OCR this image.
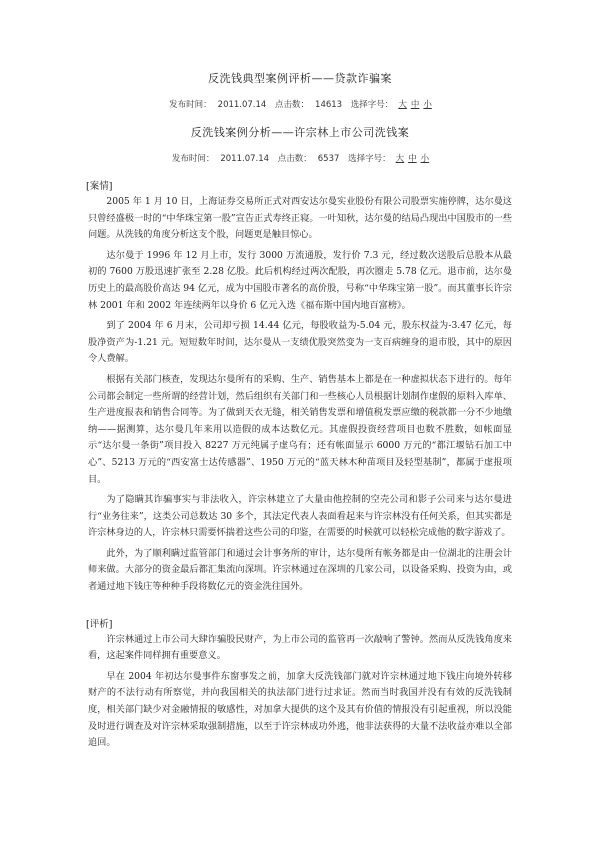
反洗钱典型案例评析——贷款诈骗案
发布时间： 2011.07.14 点击数： 14613 选择字号： 大 中 小
反洗钱案例分析——许宗林上市公司洗钱案
发布时间： 2011.07.14 点击数： 6537 选择字号： 大 中 小
[案情]

2005 年 1 月 10 日，上海证券交易所正式对西安达尔曼实业股份有限公司股票实施停牌，达尔曼这只曾经盛极一时的“中华珠宝第一股”宣告正式寿终正寝。一叶知秋，达尔曼的结局凸现出中国股市的一些问题。从洗钱的角度分析这支个股，问题更是触目惊心。

达尔曼于 1996 年 12 月上市，发行 3000 万流通股，发行价 7.3 元，经过数次送股后总股本从最初的 7600 万股迅速扩张至 2.28 亿股。此后机构经过两次配股，再次圈走 5.78 亿元。退市前，达尔曼历史上的最高股价高达 94 亿元，成为中国股市著名的高价股，号称“中华珠宝第一股”。而其董事长许宗林 2001 年和 2002 年连续两年以身价 6 亿元入选《福布斯中国内地百富榜》。

到了 2004 年 6 月末，公司却亏损 14.44 亿元，每股收益为-5.04 元，股东权益为-3.47 亿元，每股净资产为-1.21 元。短短数年时间，达尔曼从一支绩优股突然变为一支百病缠身的退市股，其中的原因令人费解。

根据有关部门核查，发现达尔曼所有的采购、生产、销售基本上都是在一种虚拟状态下进行的。每年公司都会制定一些所谓的经营计划，然后组织有关部门和一些核心人员根据计划制作虚假的原料入库单、生产进度报表和销售合同等。为了做到天衣无缝，相关销售发票和增值税发票应缴的税款都一分不少地缴纳——据测算，达尔曼几年来用以造假的成本达数亿元。其虚假投资经营项目也数不胜数，如帐面显示“达尔曼一条街”项目投入 8227 万元纯属子虚乌有；还有帐面显示 6000 万元的“都江堰钻石加工中心”、5213 万元的“西安富士达传感器”、1950 万元的“蓝天林木种苗项目及轻型基制”，都属于虚报项目。

为了隐瞒其诈骗事实与非法收入，许宗林建立了大量由他控制的空壳公司和影子公司来与达尔曼进行“业务往来”，这类公司总数达 30 多个，其法定代表人表面看起来与许宗林没有任何关系，但其实都是许宗林身边的人，许宗林只需要怀揣着这些公司的印鉴，在需要的时候就可以轻松完成他的数字游戏了。

此外，为了顺利瞒过监管部门和通过会计事务所的审计，达尔曼所有帐务都是由一位湖北的注册会计师来做。大部分的资金最后都汇集流向深圳。许宗林通过在深圳的几家公司，以设备采购、投资为由，或者通过地下钱庄等种种手段将数亿元的资金洗往国外。

[评析]

许宗林通过上市公司大肆诈骗股民财产，为上市公司的监管再一次敲响了警钟。然而从反洗钱角度来看，这起案件同样拥有重要意义。

早在 2004 年初达尔曼事件东窗事发之前，加拿大反洗钱部门就对许宗林通过地下钱庄向境外转移财产的不法行动有所察觉，并向我国相关的执法部门进行过求证。然而当时我国并没有有效的反洗钱制度，相关部门缺少对金融情报的敏感性，对加拿大提供的这个及其有价值的情报没有引起重视，所以没能及时进行调查及对许宗林采取强制措施，以至于许宗林成功外逃，他非法获得的大量不法收益亦难以全部追回。
